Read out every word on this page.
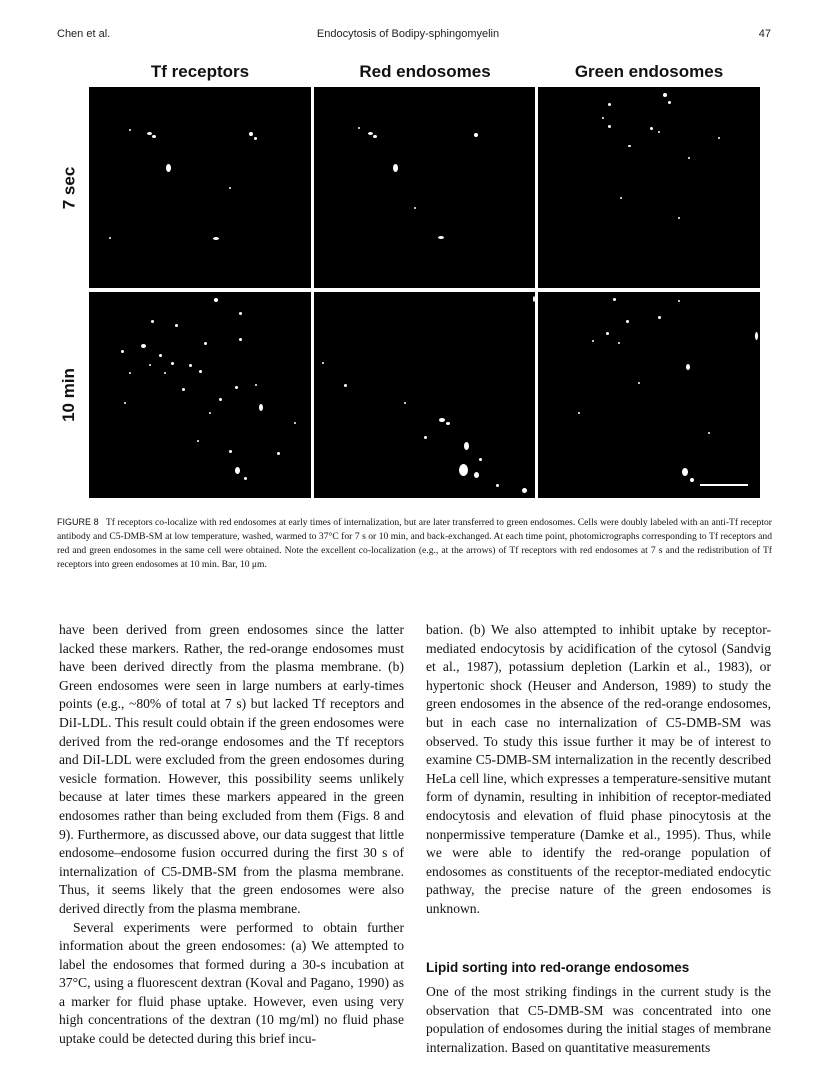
Chen et al.	Endocytosis of Bodipy-sphingomyelin	47
Tf receptors	Red endosomes	Green endosomes
7 sec
10 min
FIGURE 8 Tf receptors co-localize with red endosomes at early times of internalization, but are later transferred to green endosomes. Cells were doubly labeled with an anti-Tf receptor antibody and C5-DMB-SM at low temperature, washed, warmed to 37°C for 7 s or 10 min, and back-exchanged. At each time point, photomicrographs corresponding to Tf receptors and red and green endosomes in the same cell were obtained. Note the excellent co-localization (e.g., at the arrows) of Tf receptors with red endosomes at 7 s and the redistribution of Tf receptors into green endosomes at 10 min. Bar, 10 μm.

have been derived from green endosomes since the latter lacked these markers. Rather, the red-orange endosomes must have been derived directly from the plasma membrane. (b) Green endosomes were seen in large numbers at early-times points (e.g., ~80% of total at 7 s) but lacked Tf receptors and DiI-LDL. This result could obtain if the green endosomes were derived from the red-orange endosomes and the Tf receptors and DiI-LDL were excluded from the green endosomes during vesicle formation. However, this possibility seems unlikely because at later times these markers appeared in the green endosomes rather than being excluded from them (Figs. 8 and 9). Furthermore, as discussed above, our data suggest that little endosome–endosome fusion occurred during the first 30 s of internalization of C5-DMB-SM from the plasma membrane. Thus, it seems likely that the green endosomes were also derived directly from the plasma membrane.

Several experiments were performed to obtain further information about the green endosomes: (a) We attempted to label the endosomes that formed during a 30-s incubation at 37°C, using a fluorescent dextran (Koval and Pagano, 1990) as a marker for fluid phase uptake. However, even using very high concentrations of the dextran (10 mg/ml) no fluid phase uptake could be detected during this brief incu-

bation. (b) We also attempted to inhibit uptake by receptor-mediated endocytosis by acidification of the cytosol (Sandvig et al., 1987), potassium depletion (Larkin et al., 1983), or hypertonic shock (Heuser and Anderson, 1989) to study the green endosomes in the absence of the red-orange endosomes, but in each case no internalization of C5-DMB-SM was observed. To study this issue further it may be of interest to examine C5-DMB-SM internalization in the recently described HeLa cell line, which expresses a temperature-sensitive mutant form of dynamin, resulting in inhibition of receptor-mediated endocytosis and elevation of fluid phase pinocytosis at the nonpermissive temperature (Damke et al., 1995). Thus, while we were able to identify the red-orange population of endosomes as constituents of the receptor-mediated endocytic pathway, the precise nature of the green endosomes is unknown.

Lipid sorting into red-orange endosomes

One of the most striking findings in the current study is the observation that C5-DMB-SM was concentrated into one population of endosomes during the initial stages of membrane internalization. Based on quantitative measurements
